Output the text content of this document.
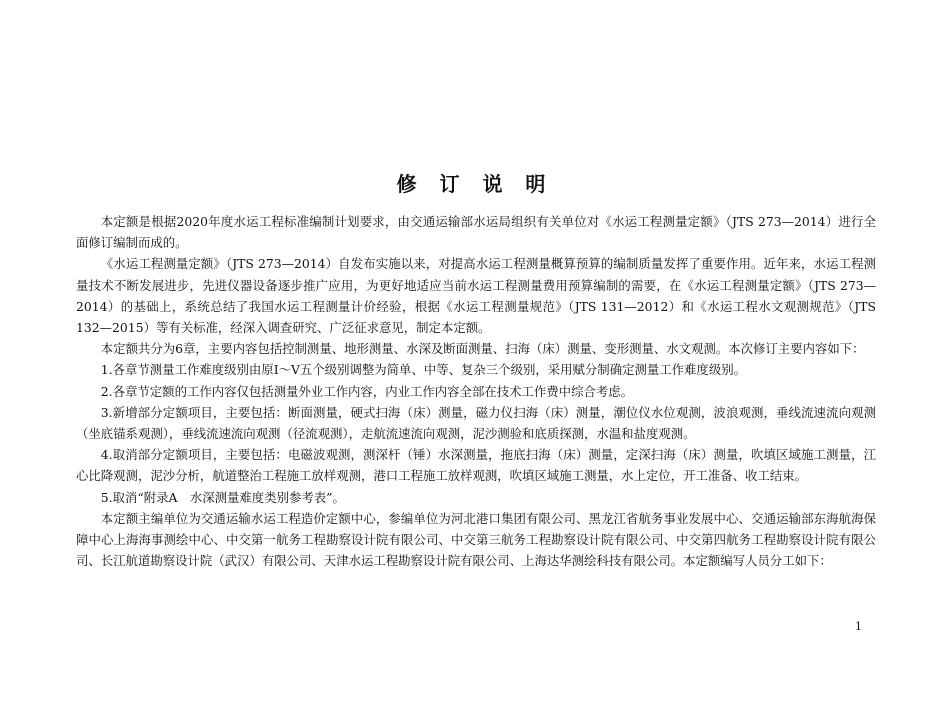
修 订 说 明

本定额是根据2020年度水运工程标准编制计划要求，由交通运输部水运局组织有关单位对《水运工程测量定额》（JTS 273—2014）进行全面修订编制而成的。

《水运工程测量定额》（JTS 273—2014）自发布实施以来，对提高水运工程测量概算预算的编制质量发挥了重要作用。近年来，水运工程测量技术不断发展进步，先进仪器设备逐步推广应用，为更好地适应当前水运工程测量费用预算编制的需要，在《水运工程测量定额》（JTS 273—2014）的基础上，系统总结了我国水运工程测量计价经验，根据《水运工程测量规范》（JTS 131—2012）和《水运工程水文观测规范》（JTS 132—2015）等有关标准，经深入调查研究、广泛征求意见，制定本定额。

本定额共分为6章，主要内容包括控制测量、地形测量、水深及断面测量、扫海（床）测量、变形测量、水文观测。本次修订主要内容如下：

1.各章节测量工作难度级别由原Ⅰ～Ⅴ五个级别调整为简单、中等、复杂三个级别，采用赋分制确定测量工作难度级别。

2.各章节定额的工作内容仅包括测量外业工作内容，内业工作内容全部在技术工作费中综合考虑。

3.新增部分定额项目，主要包括：断面测量，硬式扫海（床）测量，磁力仪扫海（床）测量，潮位仪水位观测，波浪观测，垂线流速流向观测（坐底锚系观测），垂线流速流向观测（径流观测），走航流速流向观测，泥沙测验和底质探测，水温和盐度观测。

4.取消部分定额项目，主要包括：电磁波观测，测深杆（锤）水深测量，拖底扫海（床）测量，定深扫海（床）测量，吹填区域施工测量，江心比降观测，泥沙分析，航道整治工程施工放样观测，港口工程施工放样观测，吹填区域施工测量，水上定位，开工准备、收工结束。

5.取消“附录A　水深测量难度类别参考表”。

本定额主编单位为交通运输水运工程造价定额中心，参编单位为河北港口集团有限公司、黑龙江省航务事业发展中心、交通运输部东海航海保障中心上海海事测绘中心、中交第一航务工程勘察设计院有限公司、中交第三航务工程勘察设计院有限公司、中交第四航务工程勘察设计院有限公司、长江航道勘察设计院（武汉）有限公司、天津水运工程勘察设计院有限公司、上海达华测绘科技有限公司。本定额编写人员分工如下：

1
